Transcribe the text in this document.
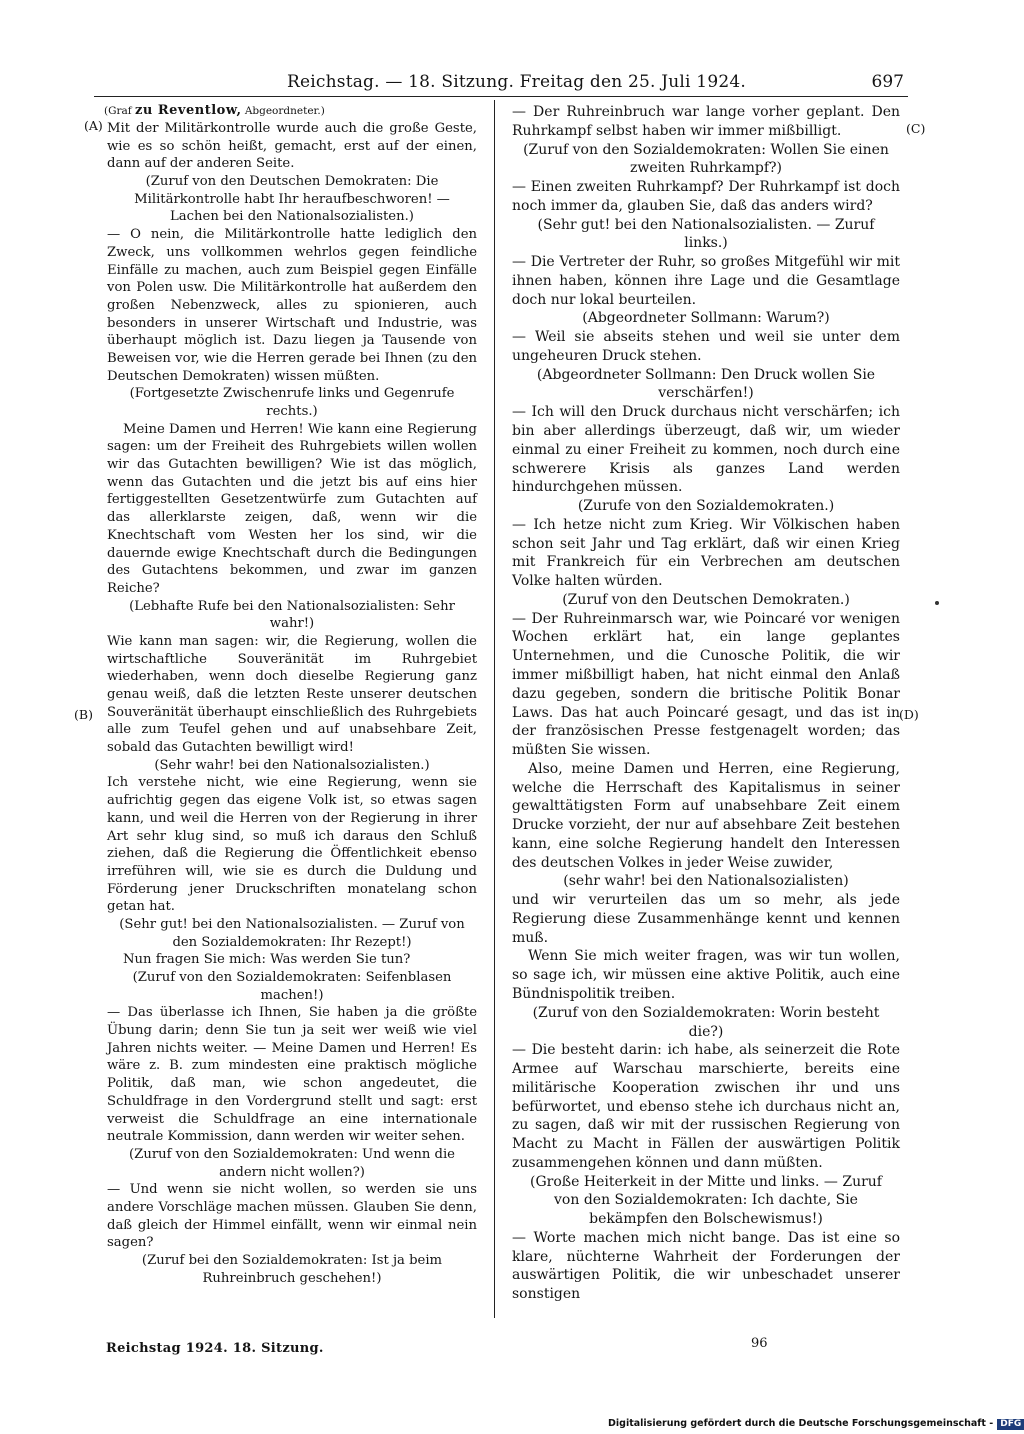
Reichstag. — 18. Sitzung. Freitag den 25. Juli 1924.	697
(A)
(B)
(C)
(D)
(Graf zu Reventlow, Abgeordneter.)

Mit der Militärkontrolle wurde auch die große Geste, wie es so schön heißt, gemacht, erst auf der einen, dann auf der anderen Seite.

(Zuruf von den Deutschen Demokraten: Die Militärkontrolle habt Ihr heraufbeschworen! — Lachen bei den Nationalsozialisten.)

— O nein, die Militärkontrolle hatte lediglich den Zweck, uns vollkommen wehrlos gegen feindliche Einfälle zu machen, auch zum Beispiel gegen Einfälle von Polen usw. Die Militärkontrolle hat außerdem den großen Nebenzweck, alles zu spionieren, auch besonders in unserer Wirtschaft und Industrie, was überhaupt möglich ist. Dazu liegen ja Tausende von Beweisen vor, wie die Herren gerade bei Ihnen (zu den Deutschen Demokraten) wissen müßten.

(Fortgesetzte Zwischenrufe links und Gegenrufe rechts.)

Meine Damen und Herren! Wie kann eine Regierung sagen: um der Freiheit des Ruhrgebiets willen wollen wir das Gutachten bewilligen? Wie ist das möglich, wenn das Gutachten und die jetzt bis auf eins hier fertiggestellten Gesetzentwürfe zum Gutachten auf das allerklarste zeigen, daß, wenn wir die Knechtschaft vom Westen her los sind, wir die dauernde ewige Knechtschaft durch die Bedingungen des Gutachtens bekommen, und zwar im ganzen Reiche?

(Lebhafte Rufe bei den Nationalsozialisten: Sehr wahr!)

Wie kann man sagen: wir, die Regierung, wollen die wirtschaftliche Souveränität im Ruhrgebiet wiederhaben, wenn doch dieselbe Regierung ganz genau weiß, daß die letzten Reste unserer deutschen Souveränität überhaupt einschließlich des Ruhrgebiets alle zum Teufel gehen und auf unabsehbare Zeit, sobald das Gutachten bewilligt wird!

(Sehr wahr! bei den Nationalsozialisten.)

Ich verstehe nicht, wie eine Regierung, wenn sie aufrichtig gegen das eigene Volk ist, so etwas sagen kann, und weil die Herren von der Regierung in ihrer Art sehr klug sind, so muß ich daraus den Schluß ziehen, daß die Regierung die Öffentlichkeit ebenso irreführen will, wie sie es durch die Duldung und Förderung jener Druckschriften monatelang schon getan hat.

(Sehr gut! bei den Nationalsozialisten. — Zuruf von den Sozialdemokraten: Ihr Rezept!)

Nun fragen Sie mich: Was werden Sie tun?

(Zuruf von den Sozialdemokraten: Seifenblasen machen!)

— Das überlasse ich Ihnen, Sie haben ja die größte Übung darin; denn Sie tun ja seit wer weiß wie viel Jahren nichts weiter. — Meine Damen und Herren! Es wäre z. B. zum mindesten eine praktisch mögliche Politik, daß man, wie schon angedeutet, die Schuldfrage in den Vordergrund stellt und sagt: erst verweist die Schuldfrage an eine internationale neutrale Kommission, dann werden wir weiter sehen.

(Zuruf von den Sozialdemokraten: Und wenn die andern nicht wollen?)

— Und wenn sie nicht wollen, so werden sie uns andere Vorschläge machen müssen. Glauben Sie denn, daß gleich der Himmel einfällt, wenn wir einmal nein sagen?

(Zuruf bei den Sozialdemokraten: Ist ja beim Ruhreinbruch geschehen!)

— Der Ruhreinbruch war lange vorher geplant. Den Ruhrkampf selbst haben wir immer mißbilligt.

(Zuruf von den Sozialdemokraten: Wollen Sie einen zweiten Ruhrkampf?)

— Einen zweiten Ruhrkampf? Der Ruhrkampf ist doch noch immer da, glauben Sie, daß das anders wird?

(Sehr gut! bei den Nationalsozialisten. — Zuruf links.)

— Die Vertreter der Ruhr, so großes Mitgefühl wir mit ihnen haben, können ihre Lage und die Gesamtlage doch nur lokal beurteilen.

(Abgeordneter Sollmann: Warum?)

— Weil sie abseits stehen und weil sie unter dem ungeheuren Druck stehen.

(Abgeordneter Sollmann: Den Druck wollen Sie verschärfen!)

— Ich will den Druck durchaus nicht verschärfen; ich bin aber allerdings überzeugt, daß wir, um wieder einmal zu einer Freiheit zu kommen, noch durch eine schwerere Krisis als ganzes Land werden hindurchgehen müssen.

(Zurufe von den Sozialdemokraten.)

— Ich hetze nicht zum Krieg. Wir Völkischen haben schon seit Jahr und Tag erklärt, daß wir einen Krieg mit Frankreich für ein Verbrechen am deutschen Volke halten würden.

(Zuruf von den Deutschen Demokraten.)

— Der Ruhreinmarsch war, wie Poincaré vor wenigen Wochen erklärt hat, ein lange geplantes Unternehmen, und die Cunosche Politik, die wir immer mißbilligt haben, hat nicht einmal den Anlaß dazu gegeben, sondern die britische Politik Bonar Laws. Das hat auch Poincaré gesagt, und das ist in der französischen Presse festgenagelt worden; das müßten Sie wissen.

Also, meine Damen und Herren, eine Regierung, welche die Herrschaft des Kapitalismus in seiner gewalttätigsten Form auf unabsehbare Zeit einem Drucke vorzieht, der nur auf absehbare Zeit bestehen kann, eine solche Regierung handelt den Interessen des deutschen Volkes in jeder Weise zuwider,

(sehr wahr! bei den Nationalsozialisten)

und wir verurteilen das um so mehr, als jede Regierung diese Zusammenhänge kennt und kennen muß.

Wenn Sie mich weiter fragen, was wir tun wollen, so sage ich, wir müssen eine aktive Politik, auch eine Bündnispolitik treiben.

(Zuruf von den Sozialdemokraten: Worin besteht die?)

— Die besteht darin: ich habe, als seinerzeit die Rote Armee auf Warschau marschierte, bereits eine militärische Kooperation zwischen ihr und uns befürwortet, und ebenso stehe ich durchaus nicht an, zu sagen, daß wir mit der russischen Regierung von Macht zu Macht in Fällen der auswärtigen Politik zusammengehen können und dann müßten.

(Große Heiterkeit in der Mitte und links. — Zuruf von den Sozialdemokraten: Ich dachte, Sie bekämpfen den Bolschewismus!)

— Worte machen mich nicht bange. Das ist eine so klare, nüchterne Wahrheit der Forderungen der auswärtigen Politik, die wir unbeschadet unserer sonstigen

Reichstag 1924. 18. Sitzung.	96
Digitalisierung gefördert durch die Deutsche Forschungsgemeinschaft - DFG
